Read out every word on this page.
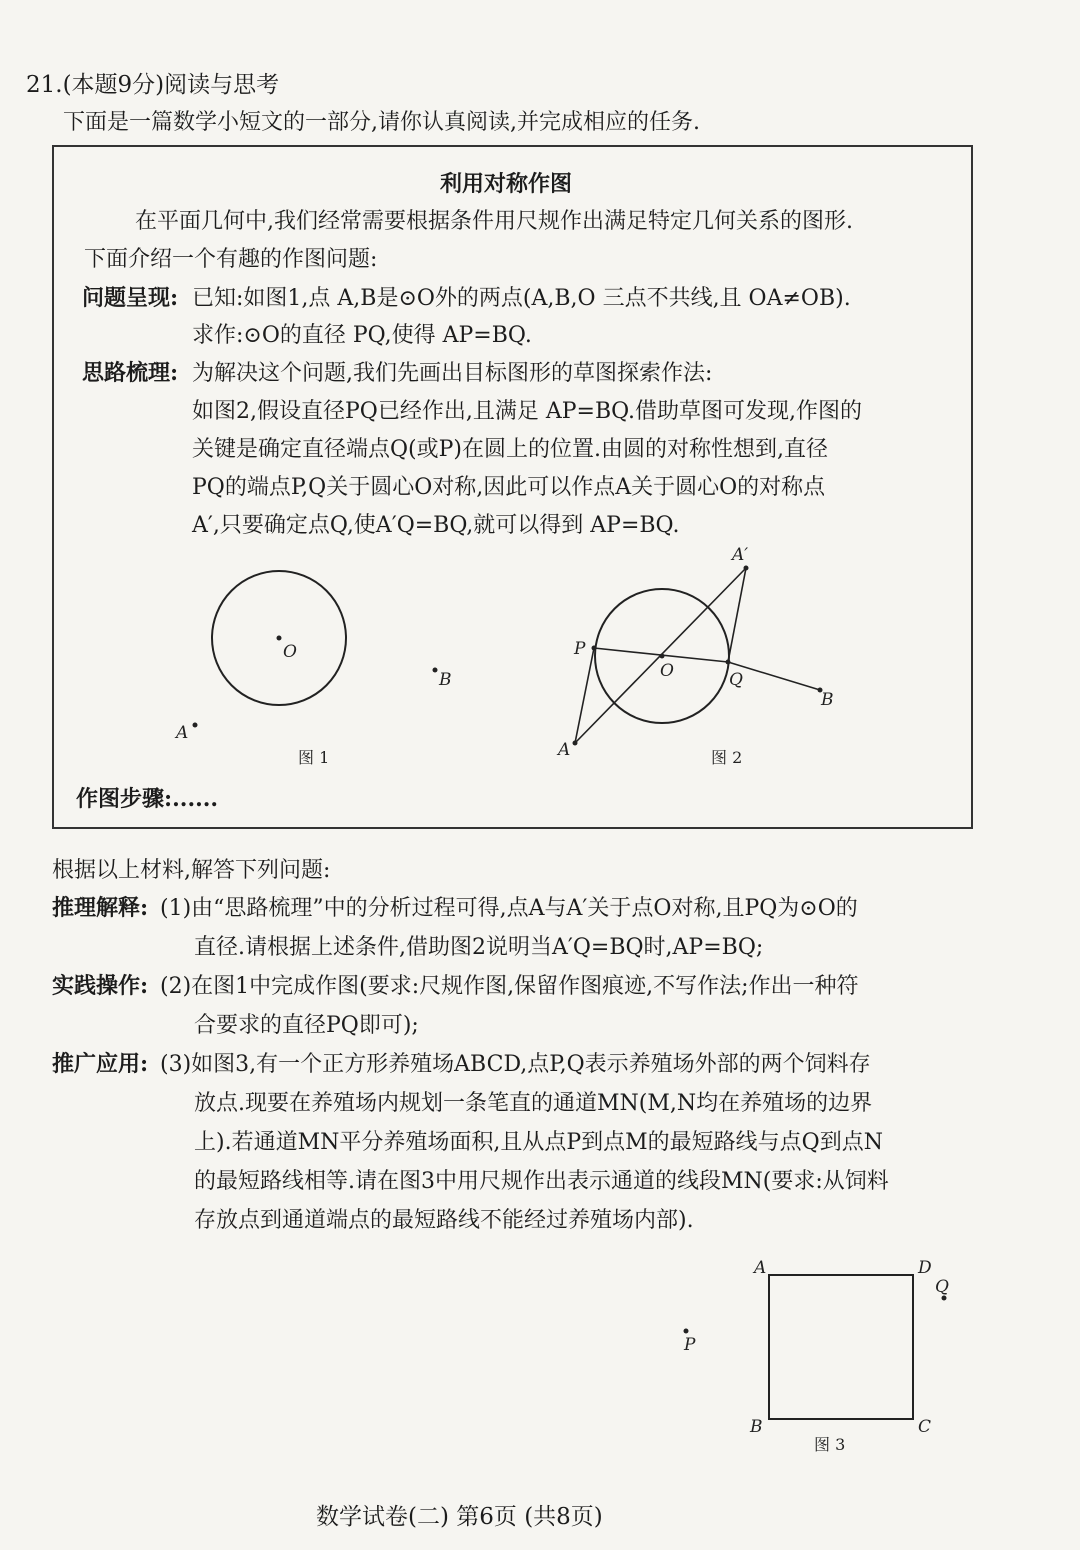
21.(本题9分)阅读与思考
下面是一篇数学小短文的一部分,请你认真阅读,并完成相应的任务.
利用对称作图
在平面几何中,我们经常需要根据条件用尺规作出满足特定几何关系的图形.
下面介绍一个有趣的作图问题:
问题呈现: 已知:如图1,点 A,B是⊙O外的两点(A,B,O 三点不共线,且 OA≠OB).
求作:⊙O的直径 PQ,使得 AP=BQ.
思路梳理: 为解决这个问题,我们先画出目标图形的草图探索作法:
如图2,假设直径PQ已经作出,且满足 AP=BQ.借助草图可发现,作图的
关键是确定直径端点Q(或P)在圆上的位置.由圆的对称性想到,直径
PQ的端点P,Q关于圆心O对称,因此可以作点A关于圆心O的对称点
A′,只要确定点Q,使A′Q=BQ,就可以得到 AP=BQ.
O
B
A
图 1
A′
P
O	Q
B
A	图 2
作图步骤:......
根据以上材料,解答下列问题:
推理解释: (1)由“思路梳理”中的分析过程可得,点A与A′关于点O对称,且PQ为⊙O的
直径.请根据上述条件,借助图2说明当A′Q=BQ时,AP=BQ;
实践操作: (2)在图1中完成作图(要求:尺规作图,保留作图痕迹,不写作法;作出一种符
合要求的直径PQ即可);
推广应用: (3)如图3,有一个正方形养殖场ABCD,点P,Q表示养殖场外部的两个饲料存
放点.现要在养殖场内规划一条笔直的通道MN(M,N均在养殖场的边界
上).若通道MN平分养殖场面积,且从点P到点M的最短路线与点Q到点N
的最短路线相等.请在图3中用尺规作出表示通道的线段MN(要求:从饲料
存放点到通道端点的最短路线不能经过养殖场内部).
A	D
Q
P
B	C
图 3
数学试卷(二) 第6页 (共8页)
